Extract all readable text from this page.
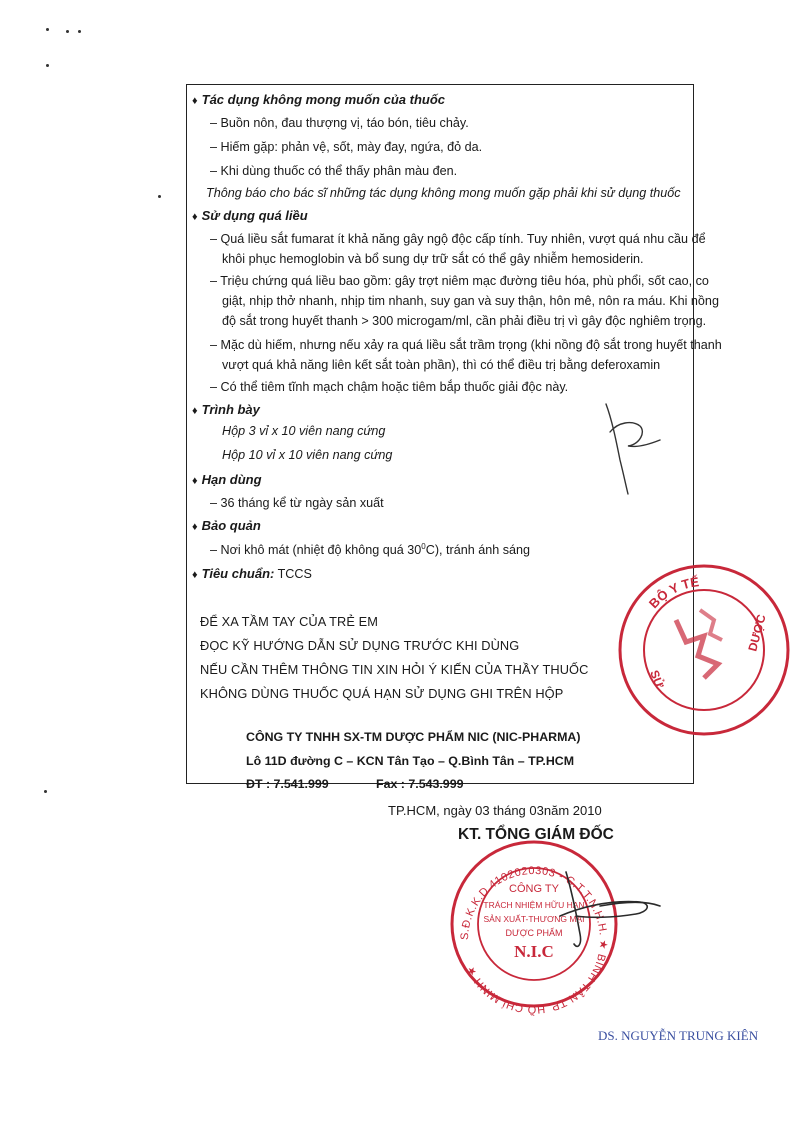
♦ Tác dụng không mong muốn của thuốc
– Buồn nôn, đau thượng vị, táo bón, tiêu chảy.
– Hiếm gặp: phản vệ, sốt, mày đay, ngứa, đỏ da.
– Khi dùng thuốc có thể thấy phân màu đen.
Thông báo cho bác sĩ những tác dụng không mong muốn gặp phải khi sử dụng thuốc
♦ Sử dụng quá liều
– Quá liều sắt fumarat ít khả năng gây ngộ độc cấp tính. Tuy nhiên, vượt quá nhu cầu để
khôi phục hemoglobin và bổ sung dự trữ sắt có thể gây nhiễm hemosiderin.
– Triệu chứng quá liều bao gồm: gây trợt niêm mạc đường tiêu hóa, phù phổi, sốt cao, co
giật, nhịp thở nhanh, nhịp tim nhanh, suy gan và suy thận, hôn mê, nôn ra máu. Khi nồng
độ sắt trong huyết thanh > 300 microgam/ml, cần phải điều trị vì gây độc nghiêm trọng.
– Mặc dù hiếm, nhưng nếu xảy ra quá liều sắt trầm trọng (khi nồng độ sắt trong huyết thanh
vượt quá khả năng liên kết sắt toàn phần), thì có thể điều trị bằng deferoxamin
– Có thể tiêm tĩnh mạch chậm hoặc tiêm bắp thuốc giải độc này.
♦ Trình bày
Hộp 3 vỉ x 10 viên nang cứng
Hộp 10 vỉ x 10 viên nang cứng
♦ Hạn dùng
– 36 tháng kể từ ngày sản xuất
♦ Bảo quản
– Nơi khô mát (nhiệt độ không quá $30^0C$), tránh ánh sáng
♦ Tiêu chuẩn: TCCS
ĐỂ XA TẦM TAY CỦA TRẺ EM
ĐỌC KỸ HƯỚNG DẪN SỬ DỤNG TRƯỚC KHI DÙNG
NẾU CẦN THÊM THÔNG TIN XIN HỎI Ý KIẾN CỦA THẦY THUỐC
KHÔNG DÙNG THUỐC QUÁ HẠN SỬ DỤNG GHI TRÊN HỘP
CÔNG TY TNHH SX-TM DƯỢC PHẨM NIC (NIC-PHARMA)
Lô 11D đường C – KCN Tân Tạo – Q.Bình Tân – TP.HCM
ĐT : 7.541.999	Fax : 7.543.999
TP.HCM, ngày 03 tháng 03năm 2010
KT. TỔNG GIÁM ĐỐC
BỘ Y TẾ
SỬ
DƯỢC
S.Đ.K.K.D 4102020303 - C.T.T.N.H.H. ★ BÌNH TÂN TP. HỒ CHÍ MINH ★
CÔNG TY
TRÁCH NHIỆM HỮU HẠN
SẢN XUẤT-THƯƠNG MẠI
DƯỢC PHẨM
N.I.C
DS. NGUYỄN TRUNG KIÊN
